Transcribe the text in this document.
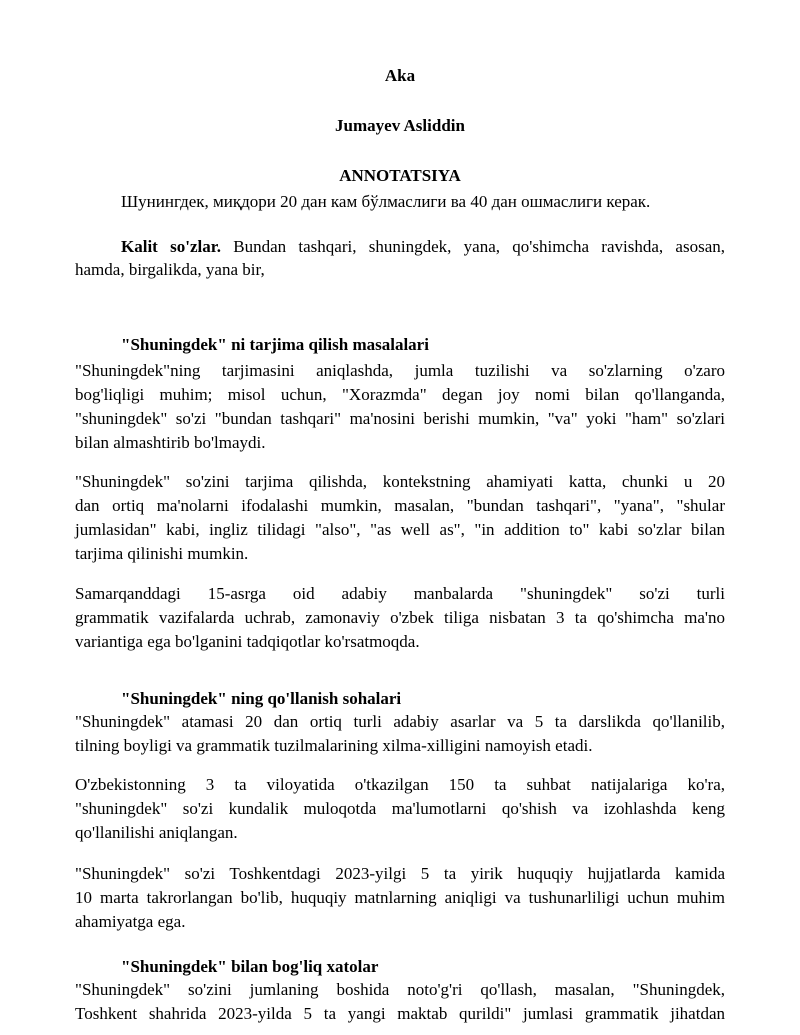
Aka
Jumayev Asliddin
ANNOTATSIYA
Шунингдек, миқдори 20 дан кам бўлмаслиги ва 40 дан ошмаслиги керак.
Kalit so'zlar. Bundan tashqari, shuningdek, yana, qo'shimcha ravishda, asosan,
hamda, birgalikda, yana bir,
"Shuningdek" ni tarjima qilish masalalari
"Shuningdek"ning tarjimasini aniqlashda, jumla tuzilishi va so'zlarning o'zaro
bog'liqligi muhim; misol uchun, "Xorazmda" degan joy nomi bilan qo'llanganda,
"shuningdek" so'zi "bundan tashqari" ma'nosini berishi mumkin, "va" yoki "ham" so'zlari
bilan almashtirib bo'lmaydi.
"Shuningdek" so'zini tarjima qilishda, kontekstning ahamiyati katta, chunki u 20
dan ortiq ma'nolarni ifodalashi mumkin, masalan, "bundan tashqari", "yana", "shular
jumlasidan" kabi, ingliz tilidagi "also", "as well as", "in addition to" kabi so'zlar bilan
tarjima qilinishi mumkin.
Samarqanddagi 15-asrga oid adabiy manbalarda "shuningdek" so'zi turli
grammatik vazifalarda uchrab, zamonaviy o'zbek tiliga nisbatan 3 ta qo'shimcha ma'no
variantiga ega bo'lganini tadqiqotlar ko'rsatmoqda.
"Shuningdek" ning qo'llanish sohalari
"Shuningdek" atamasi 20 dan ortiq turli adabiy asarlar va 5 ta darslikda qo'llanilib,
tilning boyligi va grammatik tuzilmalarining xilma-xilligini namoyish etadi.
O'zbekistonning 3 ta viloyatida o'tkazilgan 150 ta suhbat natijalariga ko'ra,
"shuningdek" so'zi kundalik muloqotda ma'lumotlarni qo'shish va izohlashda keng
qo'llanilishi aniqlangan.
"Shuningdek" so'zi Toshkentdagi 2023-yilgi 5 ta yirik huquqiy hujjatlarda kamida
10 marta takrorlangan bo'lib, huquqiy matnlarning aniqligi va tushunarliligi uchun muhim
ahamiyatga ega.
"Shuningdek" bilan bog'liq xatolar
"Shuningdek" so'zini jumlaning boshida noto'g'ri qo'llash, masalan, "Shuningdek,
Toshkent shahrida 2023-yilda 5 ta yangi maktab qurildi" jumlasi grammatik jihatdan
